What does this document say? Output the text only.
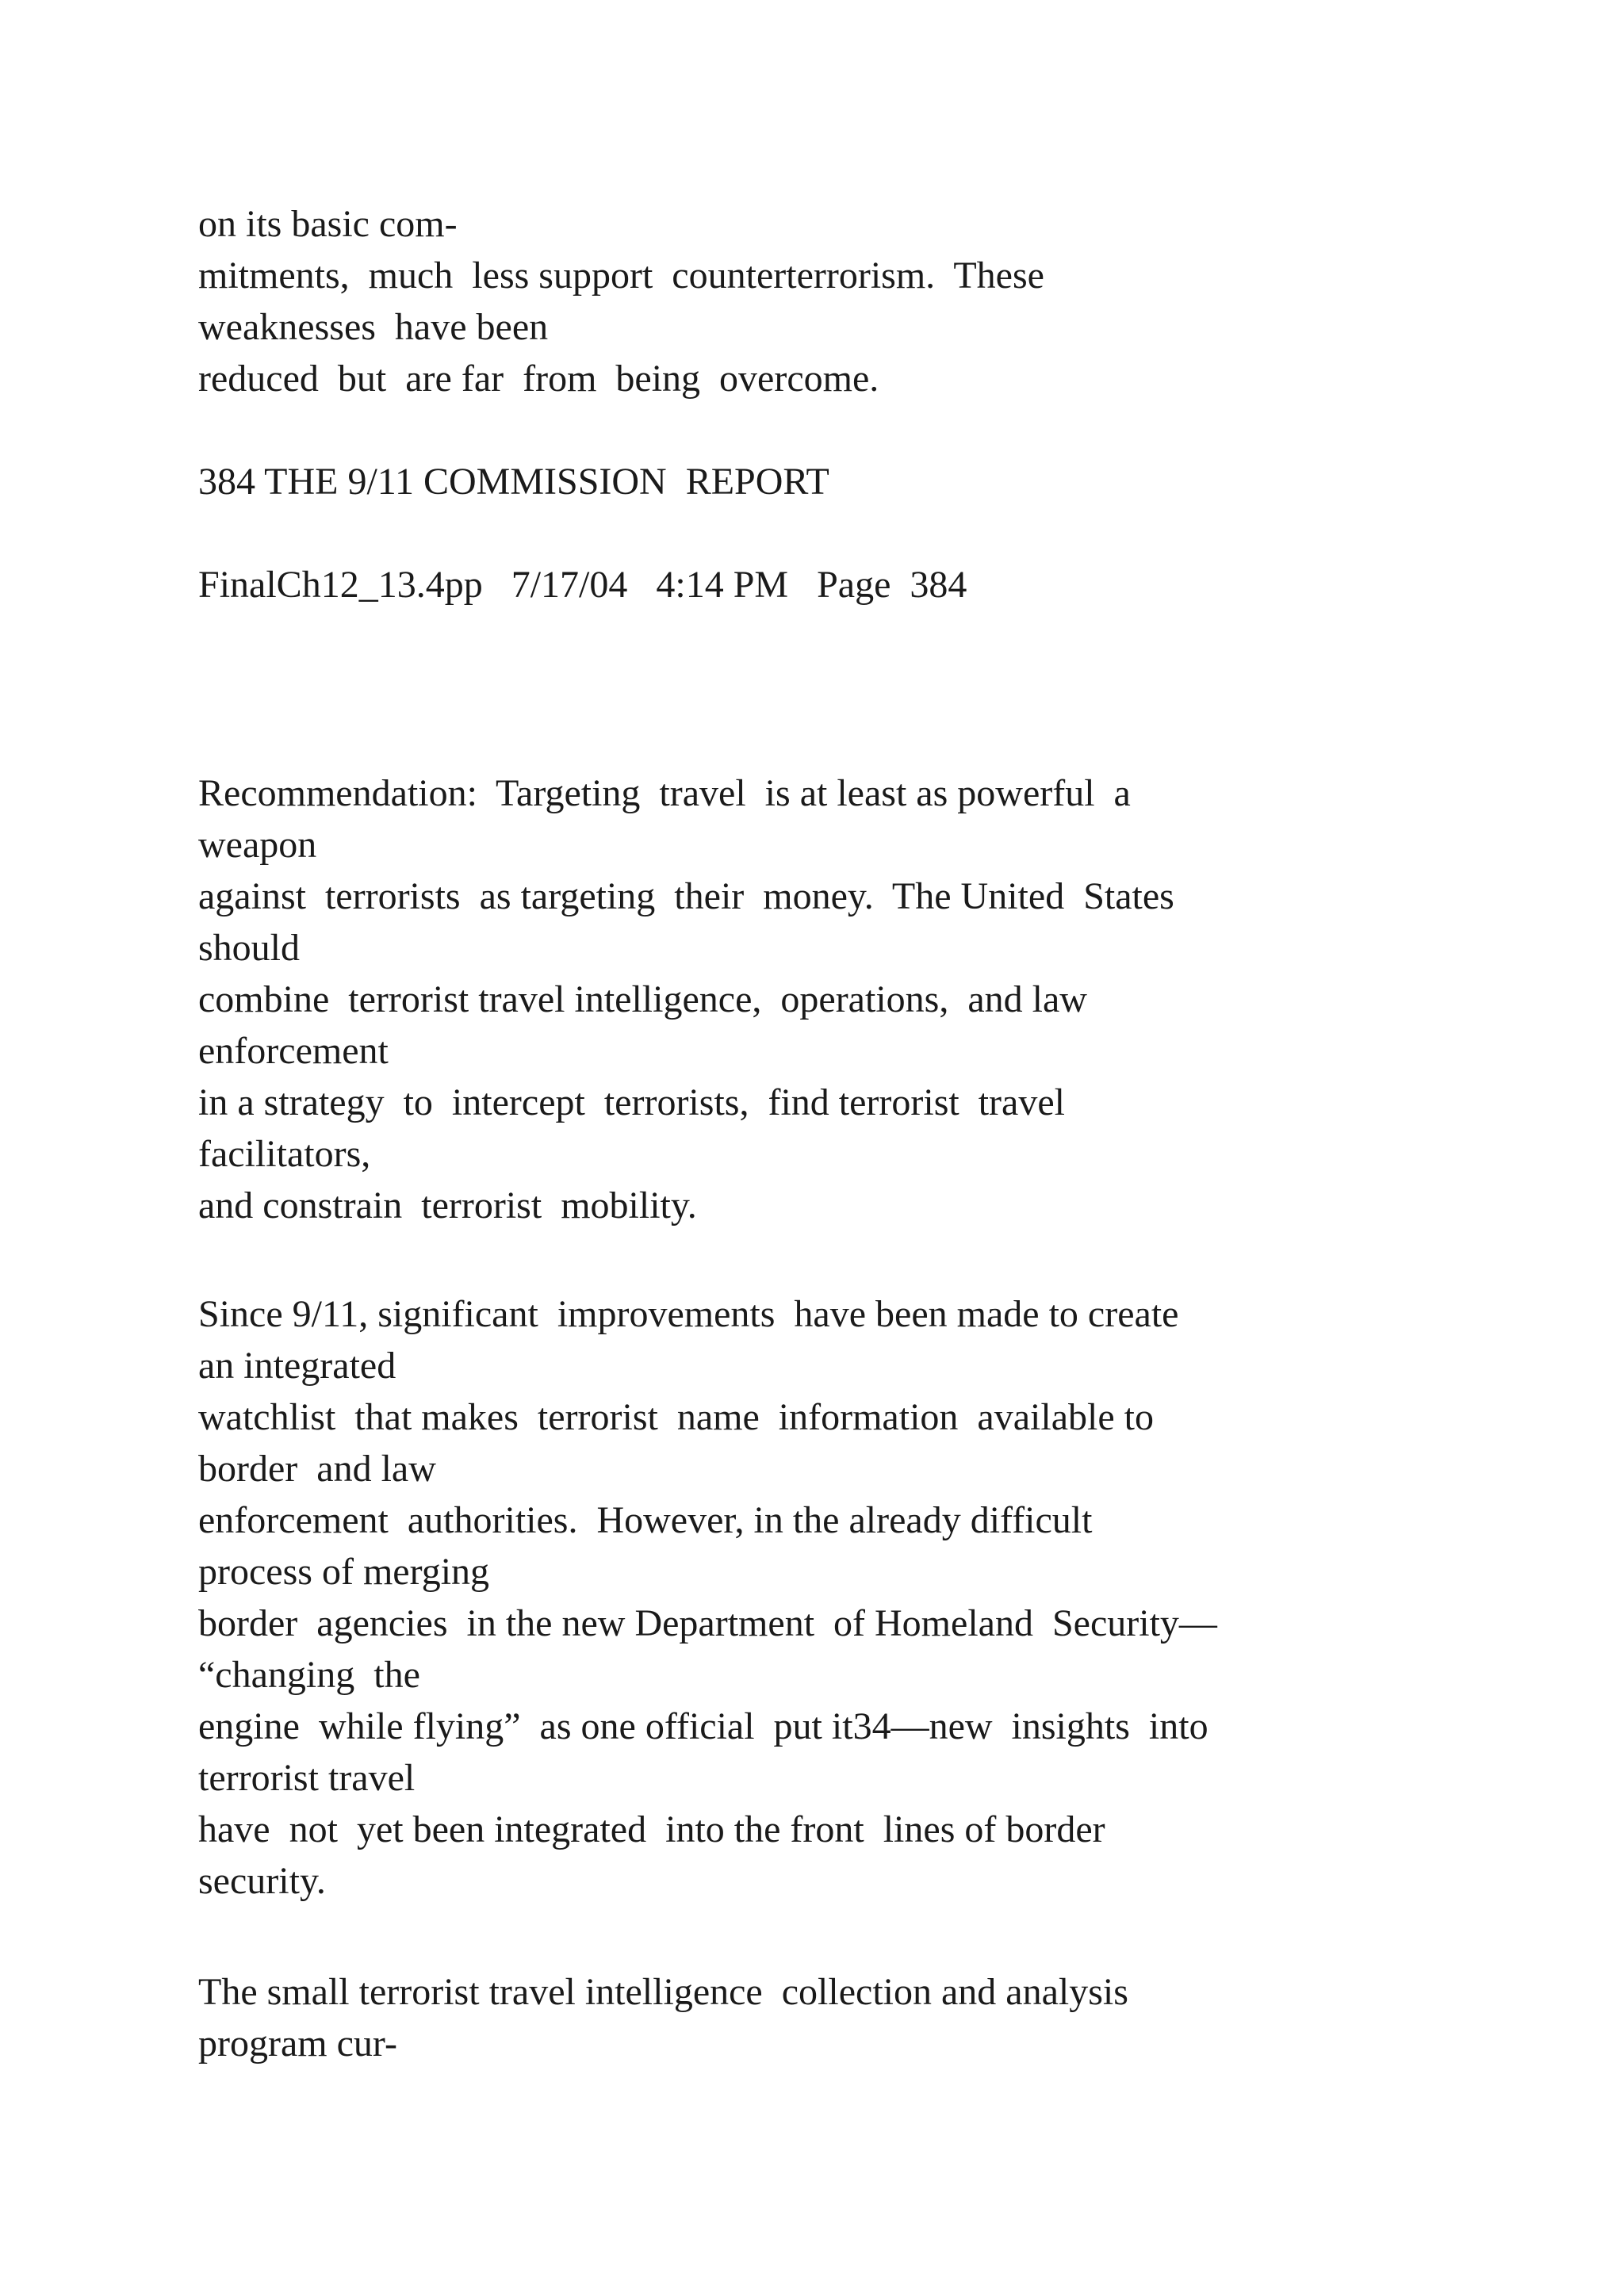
on its basic com-
mitments,  much  less support  counterterrorism.  These
weaknesses  have been
reduced  but  are far  from  being  overcome.
384 THE 9/11 COMMISSION  REPORT
FinalCh12_13.4pp   7/17/04   4:14 PM   Page  384
Recommendation:  Targeting  travel  is at least as powerful  a
weapon
against  terrorists  as targeting  their  money.  The United  States
should
combine  terrorist travel intelligence,  operations,  and law
enforcement
in a strategy  to  intercept  terrorists,  find terrorist  travel
facilitators,
and constrain  terrorist  mobility.
Since 9/11, significant  improvements  have been made to create
an integrated
watchlist  that makes  terrorist  name  information  available to
border  and law
enforcement  authorities.  However, in the already difficult
process of merging
border  agencies  in the new Department  of Homeland  Security—
“changing  the
engine  while flying”  as one official  put it34—new  insights  into
terrorist travel
have  not  yet been integrated  into the front  lines of border
security.
The small terrorist travel intelligence  collection and analysis
program cur-
